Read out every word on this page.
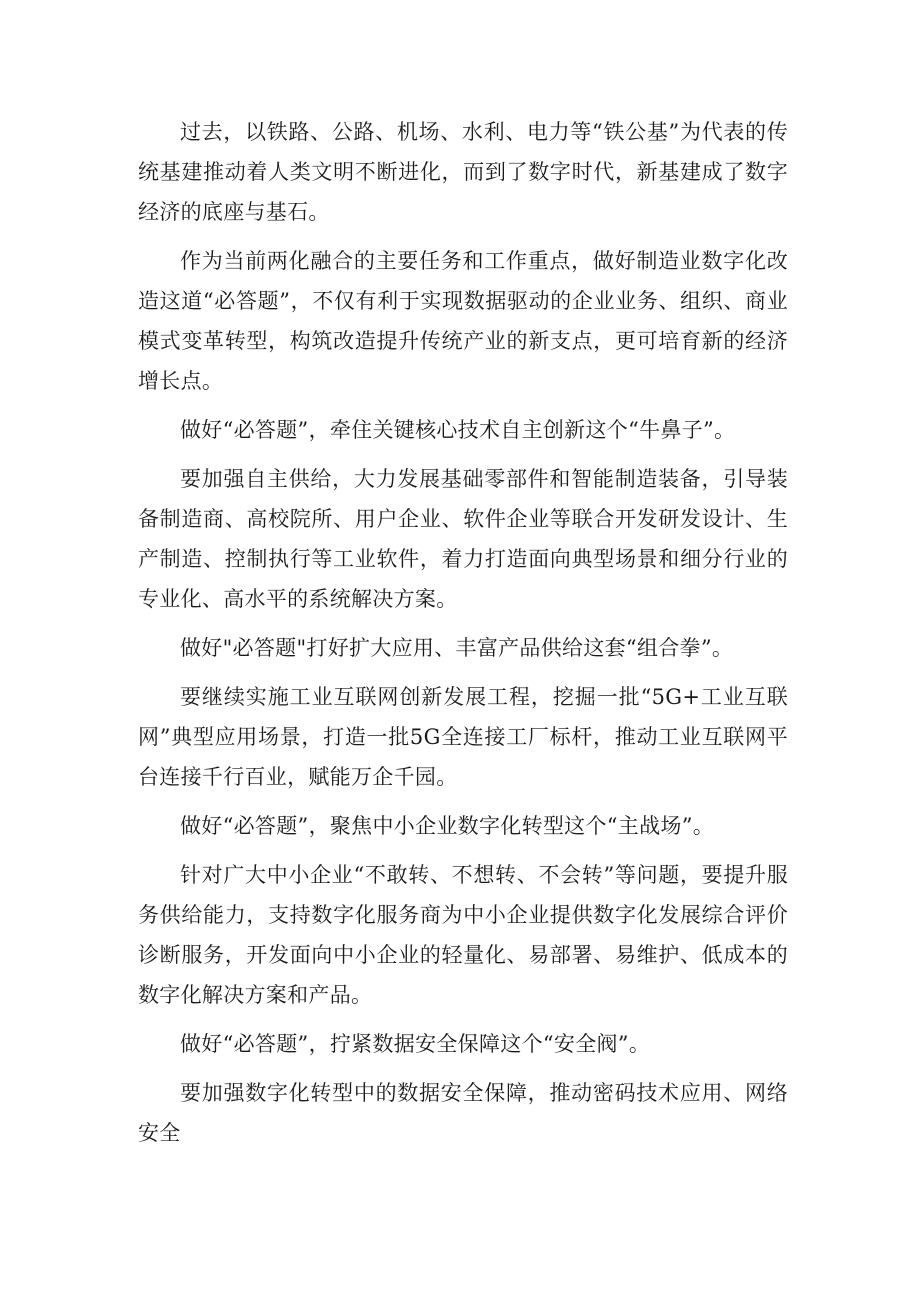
过去，以铁路、公路、机场、水利、电力等“铁公基”为代表的传统基建推动着人类文明不断进化，而到了数字时代，新基建成了数字经济的底座与基石。

作为当前两化融合的主要任务和工作重点，做好制造业数字化改造这道“必答题”，不仅有利于实现数据驱动的企业业务、组织、商业模式变革转型，构筑改造提升传统产业的新支点，更可培育新的经济增长点。

做好“必答题”，牵住关键核心技术自主创新这个“牛鼻子”。

要加强自主供给，大力发展基础零部件和智能制造装备，引导装备制造商、高校院所、用户企业、软件企业等联合开发研发设计、生产制造、控制执行等工业软件，着力打造面向典型场景和细分行业的专业化、高水平的系统解决方案。

做好"必答题"打好扩大应用、丰富产品供给这套“组合拳”。

要继续实施工业互联网创新发展工程，挖掘一批“5G+工业互联网”典型应用场景，打造一批5G全连接工厂标杆，推动工业互联网平台连接千行百业，赋能万企千园。

做好“必答题”，聚焦中小企业数字化转型这个“主战场”。

针对广大中小企业“不敢转、不想转、不会转”等问题，要提升服务供给能力，支持数字化服务商为中小企业提供数字化发展综合评价诊断服务，开发面向中小企业的轻量化、易部署、易维护、低成本的数字化解决方案和产品。

做好“必答题”，拧紧数据安全保障这个“安全阀”。

要加强数字化转型中的数据安全保障，推动密码技术应用、网络安全
